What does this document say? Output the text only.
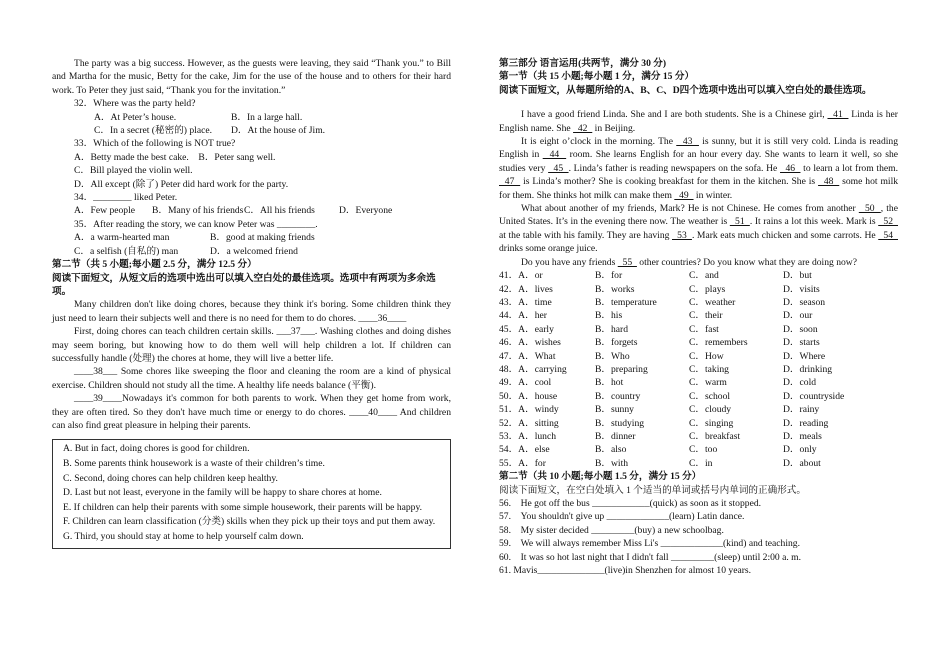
The party was a big success. However, as the guests were leaving, they said “Thank you.” to Bill and Martha for the music, Betty for the cake, Jim for the use of the house and to others for their hard work. To Peter they just said, “Thank you for the invitation.”

32．Where was the party held?

A．At Peter’s house.	B．In a large hall.
C．In a secret (秘密的) place.	D．At the house of Jim.

33．Which of the following is NOT true?

A．Betty made the best cake.　B．Peter sang well.

C．Bill played the violin well.

D．All except (除了) Peter did hard work for the party.

34．________ liked Peter.

A．Few people	B．Many of his friends C．All his friends	D．Everyone

35．After reading the story, we can know Peter was ________.

A．a warm-hearted man	B．good at making friends
C．a selfish (自私的) man	D．a welcomed friend

第二节（共 5 小题;每小题 2.5 分，满分 12.5 分）

阅读下面短文，从短文后的选项中选出可以填入空白处的最佳选项。选项中有两项为多余选项。

Many children don't like doing chores, because they think it's boring. Some children think they just need to learn their subjects well and there is no need for them to do chores. ____36____

First, doing chores can teach children certain skills. ___37___. Washing clothes and doing dishes may seem boring, but knowing how to do them well will help children a lot. If children can successfully handle (处理) the chores at home, they will live a better life.

____38___ Some chores like sweeping the floor and cleaning the room are a kind of physical exercise. Children should not study all the time. A healthy life needs balance (平衡).

____39____Nowadays it's common for both parents to work. When they get home from work, they are often tired. So they don't have much time or energy to do chores. ____40____ And children can also find great pleasure in helping their parents.

A. But in fact, doing chores is good for children.

B. Some parents think housework is a waste of their children’s time.

C. Second, doing chores can help children keep healthy.

D. Last but not least, everyone in the family will be happy to share chores at home.

E. If children can help their parents with some simple housework, their parents will be happy.

F. Children can learn classification (分类) skills when they pick up their toys and put them away.

G. Third, you should stay at home to help yourself calm down.

第三部分 语言运用(共两节，满分 30 分)

第一节（共 15 小题;每小题 1 分，满分 15 分）

阅读下面短文，从每题所给的A、B、C、D四个选项中选出可以填入空白处的最佳选项。

I have a good friend Linda. She and I are both students. She is a Chinese girl,   41   Linda is her English name. She   42   in Beijing.

It is eight o’clock in the morning. The   43   is sunny, but it is still very cold. Linda is reading English in   44   room. She learns English for an hour every day. She wants to learn it well, so she studies very   45  . Linda’s father is reading newspapers on the sofa. He   46   to learn a lot from them.   47   is Linda’s mother? She is cooking breakfast for them in the kitchen. She is   48   some hot milk for them. She thinks hot milk can make them   49   in winter.

What about another of my friends, Mark? He is not Chinese. He comes from another   50  , the United States. It’s in the evening there now. The weather is   51  . It rains a lot this week. Mark is   52   at the table with his family. They are having   53  . Mark eats much chicken and some carrots. He   54   drinks some orange juice.

Do you have any friends   55   other countries? Do you know what they are doing now?

41．A．or	B．for	C．and	D．but
42．A．lives	B．works	C．plays	D．visits
43．A．time	B．temperature	C．weather	D．season
44．A．her	B．his	C．their	D．our
45．A．early	B．hard	C．fast	D．soon
46．A．wishes	B．forgets	C．remembers	D．starts
47．A．What	B．Who	C．How	D．Where
48．A．carrying	B．preparing	C．taking	D．drinking
49．A．cool	B．hot	C．warm	D．cold
50．A．house	B．country	C．school	D．countryside
51．A．windy	B．sunny	C．cloudy	D．rainy
52．A．sitting	B．studying	C．singing	D．reading
53．A．lunch	B．dinner	C．breakfast	D．meals
54．A．else	B．also	C．too	D．only
55．A．for	B．with	C．in	D．about

第二节（共 10 小题;每小题 1.5 分，满分 15 分）

阅读下面短文，在空白处填入 1 个适当的单词或括号内单词的正确形式。

56.　He got off the bus ____________(quick) as soon as it stopped.

57.　You shouldn't give up _____________(learn) Latin dance.

58.　My sister decided _________(buy) a new schoolbag.

59.　We will always remember Miss Li's _____________(kind) and teaching.

60.　It was so hot last night that I didn't fall _________(sleep) until 2:00 a. m.

61. Mavis______________(live)in Shenzhen for almost 10 years.
